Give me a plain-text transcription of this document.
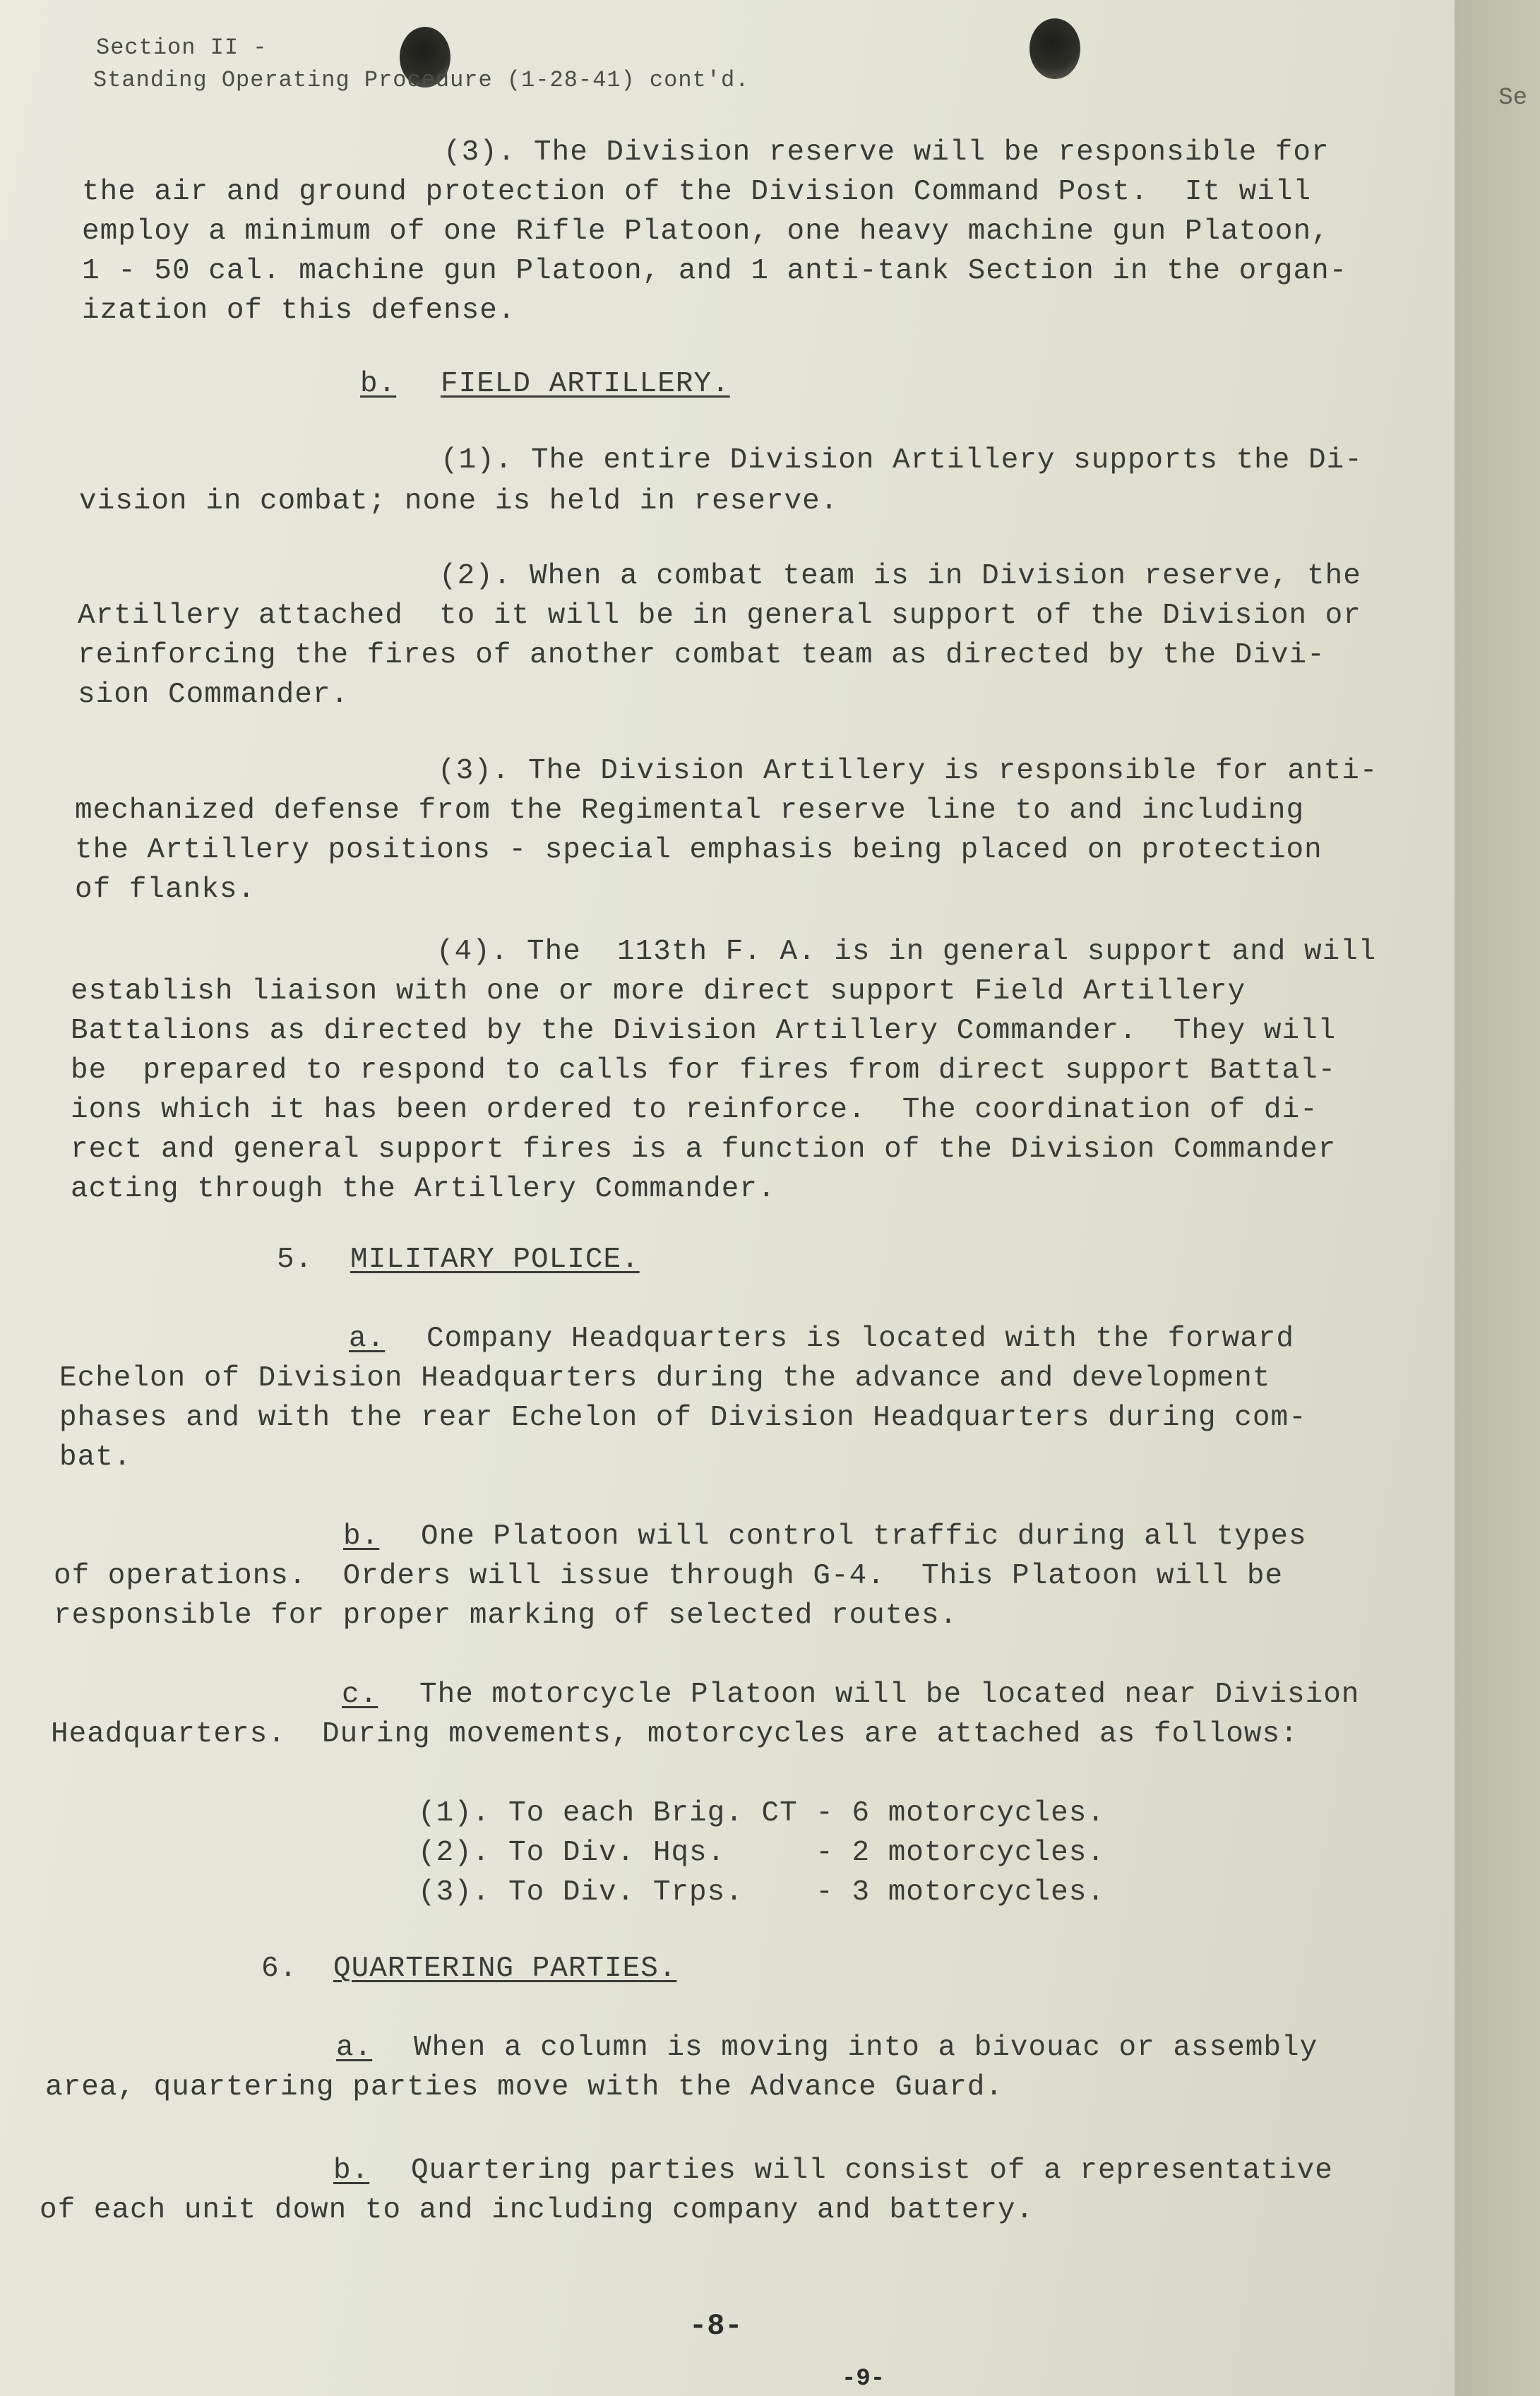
Se
Section II -
Standing Operating Procedure (1-28-41) cont'd.
(3). The Division reserve will be responsible for
the air and ground protection of the Division Command Post.  It will
employ a minimum of one Rifle Platoon, one heavy machine gun Platoon,
1 - 50 cal. machine gun Platoon, and 1 anti-tank Section in the organ-
ization of this defense.
b. FIELD ARTILLERY.
(1). The entire Division Artillery supports the Di-
vision in combat; none is held in reserve.
(2). When a combat team is in Division reserve, the
Artillery attached  to it will be in general support of the Division or
reinforcing the fires of another combat team as directed by the Divi-
sion Commander.
(3). The Division Artillery is responsible for anti-
mechanized defense from the Regimental reserve line to and including
the Artillery positions - special emphasis being placed on protection
of flanks.
(4). The  113th F. A. is in general support and will
establish liaison with one or more direct support Field Artillery
Battalions as directed by the Division Artillery Commander.  They will
be  prepared to respond to calls for fires from direct support Battal-
ions which it has been ordered to reinforce.  The coordination of di-
rect and general support fires is a function of the Division Commander
acting through the Artillery Commander.
5. MILITARY POLICE.
a. Company Headquarters is located with the forward
Echelon of Division Headquarters during the advance and development
phases and with the rear Echelon of Division Headquarters during com-
bat.
b. One Platoon will control traffic during all types
of operations.  Orders will issue through G-4.  This Platoon will be
responsible for proper marking of selected routes.
c. The motorcycle Platoon will be located near Division
Headquarters.  During movements, motorcycles are attached as follows:
(1). To each Brig. CT - 6 motorcycles.
(2). To Div. Hqs.     - 2 motorcycles.
(3). To Div. Trps.    - 3 motorcycles.
6. QUARTERING PARTIES.
a. When a column is moving into a bivouac or assembly
area, quartering parties move with the Advance Guard.
b. Quartering parties will consist of a representative
of each unit down to and including company and battery.
-8-
-9-
